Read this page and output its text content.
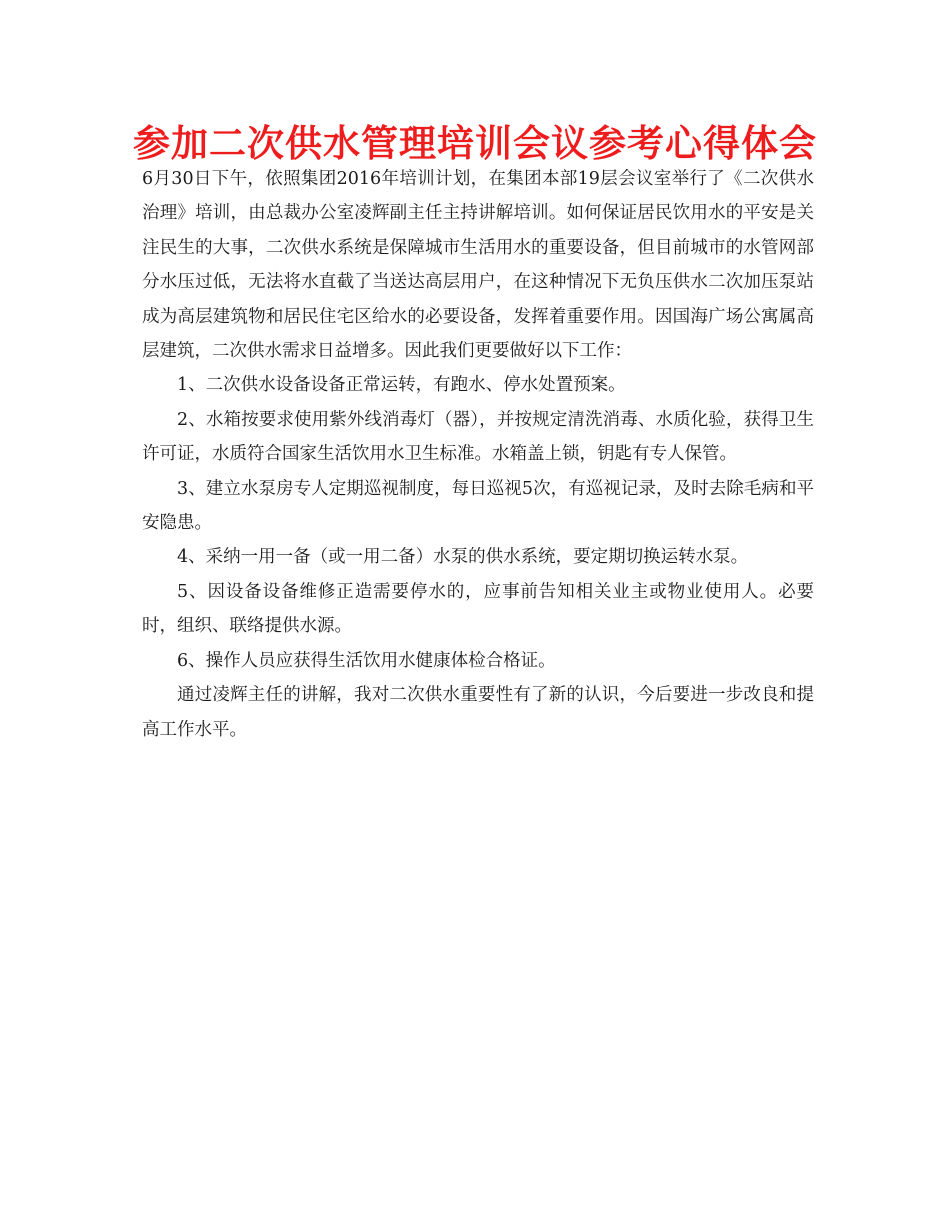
参加二次供水管理培训会议参考心得体会

6月30日下午，依照集团2016年培训计划，在集团本部19层会议室举行了《二次供水治理》培训，由总裁办公室凌辉副主任主持讲解培训。如何保证居民饮用水的平安是关注民生的大事，二次供水系统是保障城市生活用水的重要设备，但目前城市的水管网部分水压过低，无法将水直截了当送达高层用户，在这种情况下无负压供水二次加压泵站成为高层建筑物和居民住宅区给水的必要设备，发挥着重要作用。因国海广场公寓属高层建筑，二次供水需求日益增多。因此我们更要做好以下工作：

1、二次供水设备设备正常运转，有跑水、停水处置预案。

2、水箱按要求使用紫外线消毒灯（器），并按规定清洗消毒、水质化验，获得卫生许可证，水质符合国家生活饮用水卫生标准。水箱盖上锁，钥匙有专人保管。

3、建立水泵房专人定期巡视制度，每日巡视5次，有巡视记录，及时去除毛病和平安隐患。

4、采纳一用一备（或一用二备）水泵的供水系统，要定期切换运转水泵。

5、因设备设备维修正造需要停水的，应事前告知相关业主或物业使用人。必要时，组织、联络提供水源。

6、操作人员应获得生活饮用水健康体检合格证。

通过凌辉主任的讲解，我对二次供水重要性有了新的认识，今后要进一步改良和提高工作水平。
